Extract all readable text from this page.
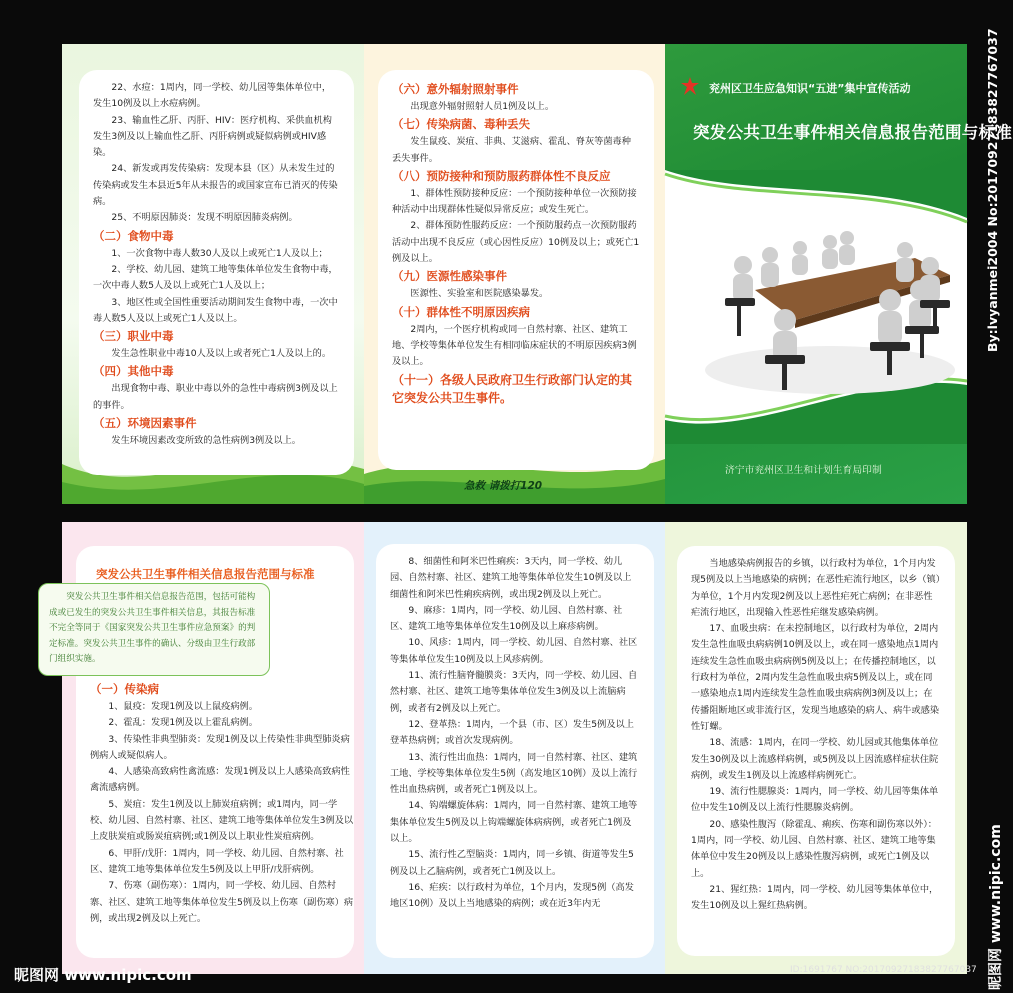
22、水痘：1周内，同一学校、幼儿园等集体单位中，发生10例及以上水痘病例。

23、输血性乙肝、丙肝、HIV：医疗机构、采供血机构发生3例及以上输血性乙肝、丙肝病例或疑似病例或HIV感染。

24、新发或再发传染病：发现本县（区）从未发生过的传染病或发生本县近5年从未报告的或国家宣布已消灭的传染病。

25、不明原因肺炎：发现不明原因肺炎病例。

（二）食物中毒

1、一次食物中毒人数30人及以上或死亡1人及以上；

2、学校、幼儿园、建筑工地等集体单位发生食物中毒，一次中毒人数5人及以上或死亡1人及以上；

3、地区性或全国性重要活动期间发生食物中毒，一次中毒人数5人及以上或死亡1人及以上。

（三）职业中毒

发生急性职业中毒10人及以上或者死亡1人及以上的。

（四）其他中毒

出现食物中毒、职业中毒以外的急性中毒病例3例及以上的事件。

（五）环境因素事件

发生环境因素改变所致的急性病例3例及以上。

（六）意外辐射照射事件

出现意外辐射照射人员1例及以上。

（七）传染病菌、毒种丢失

发生鼠疫、炭疽、非典、艾滋病、霍乱、脊灰等菌毒种丢失事件。

（八）预防接种和预防服药群体性不良反应

1、群体性预防接种反应：一个预防接种单位一次预防接种活动中出现群体性疑似异常反应；或发生死亡。

2、群体预防性服药反应：一个预防服药点一次预防服药活动中出现不良反应（或心因性反应）10例及以上；或死亡1例及以上。

（九）医源性感染事件

医源性、实验室和医院感染暴发。

（十）群体性不明原因疾病

2周内，一个医疗机构或同一自然村寨、社区、建筑工地、学校等集体单位发生有相同临床症状的不明原因疾病3例及以上。

（十一）各级人民政府卫生行政部门认定的其它突发公共卫生事件。
兖州区卫生应急知识“五进”集中宣传活动
突发公共卫生事件相关信息报告范围与标准
济宁市兖州区卫生和计划生育局印制
急救 请拨打120
突发公共卫生事件相关信息报告范围与标准

8、细菌性和阿米巴性痢疾：3天内，同一学校、幼儿园、自然村寨、社区、建筑工地等集体单位发生10例及以上细菌性和阿米巴性痢疾病例，或出现2例及以上死亡。

9、麻疹：1周内，同一学校、幼儿园、自然村寨、社区、建筑工地等集体单位发生10例及以上麻疹病例。

10、风疹：1周内，同一学校、幼儿园、自然村寨、社区等集体单位发生10例及以上风疹病例。

11、流行性脑脊髓膜炎：3天内，同一学校、幼儿园、自然村寨、社区、建筑工地等集体单位发生3例及以上流脑病例，或者有2例及以上死亡。

12、登革热：1周内，一个县（市、区）发生5例及以上登革热病例；或首次发现病例。

13、流行性出血热：1周内，同一自然村寨、社区、建筑工地、学校等集体单位发生5例（高发地区10例）及以上流行性出血热病例，或者死亡1例及以上。

14、钩端螺旋体病：1周内，同一自然村寨、建筑工地等集体单位发生5例及以上钩端螺旋体病病例，或者死亡1例及以上。

15、流行性乙型脑炎：1周内，同一乡镇、街道等发生5例及以上乙脑病例，或者死亡1例及以上。

16、疟疾：以行政村为单位，1个月内，发现5例（高发地区10例）及以上当地感染的病例；或在近3年内无

当地感染病例报告的乡镇，以行政村为单位，1个月内发现5例及以上当地感染的病例；在恶性疟流行地区，以乡（镇）为单位，1个月内发现2例及以上恶性疟死亡病例；在非恶性疟流行地区，出现输入性恶性疟继发感染病例。

17、血吸虫病：在未控制地区，以行政村为单位，2周内发生急性血吸虫病病例10例及以上，或在同一感染地点1周内连续发生急性血吸虫病病例5例及以上；在传播控制地区，以行政村为单位，2周内发生急性血吸虫病5例及以上，或在同一感染地点1周内连续发生急性血吸虫病病例3例及以上；在传播阻断地区或非流行区，发现当地感染的病人、病牛或感染性钉螺。

18、流感：1周内，在同一学校、幼儿园或其他集体单位发生30例及以上流感样病例，或5例及以上因流感样症状住院病例，或发生1例及以上流感样病例死亡。

19、流行性腮腺炎：1周内，同一学校、幼儿园等集体单位中发生10例及以上流行性腮腺炎病例。

20、感染性腹泻（除霍乱、痢疾、伤寒和副伤寒以外）：1周内，同一学校、幼儿园、自然村寨、社区、建筑工地等集体单位中发生20例及以上感染性腹泻病例，或死亡1例及以上。

21、猩红热：1周内，同一学校、幼儿园等集体单位中，发生10例及以上猩红热病例。

突发公共卫生事件相关信息报告范围，包括可能构成或已发生的突发公共卫生事件相关信息，其报告标准不完全等同于《国家突发公共卫生事件应急预案》的判定标准。突发公共卫生事件的确认、分级由卫生行政部门组织实施。
（一）传染病

1、鼠疫：发现1例及以上鼠疫病例。

2、霍乱：发现1例及以上霍乱病例。

3、传染性非典型肺炎：发现1例及以上传染性非典型肺炎病例病人或疑似病人。

4、人感染高致病性禽流感：发现1例及以上人感染高致病性禽流感病例。

5、炭疽：发生1例及以上肺炭疽病例；或1周内，同一学校、幼儿园、自然村寨、社区、建筑工地等集体单位发生3例及以上皮肤炭疽或肠炭疽病例;或1例及以上职业性炭疽病例。

6、甲肝/戊肝：1周内，同一学校、幼儿园、自然村寨、社区、建筑工地等集体单位发生5例及以上甲肝/戊肝病例。

7、伤寒（副伤寒）：1周内，同一学校、幼儿园、自然村寨、社区、建筑工地等集体单位发生5例及以上伤寒（副伤寒）病例，或出现2例及以上死亡。

昵图网 www.nipic.com
By:lvyanmei2004 No:20170927183827767037
昵图网 www.nipic.com
ID:1691767 NO:20170927183827767037
